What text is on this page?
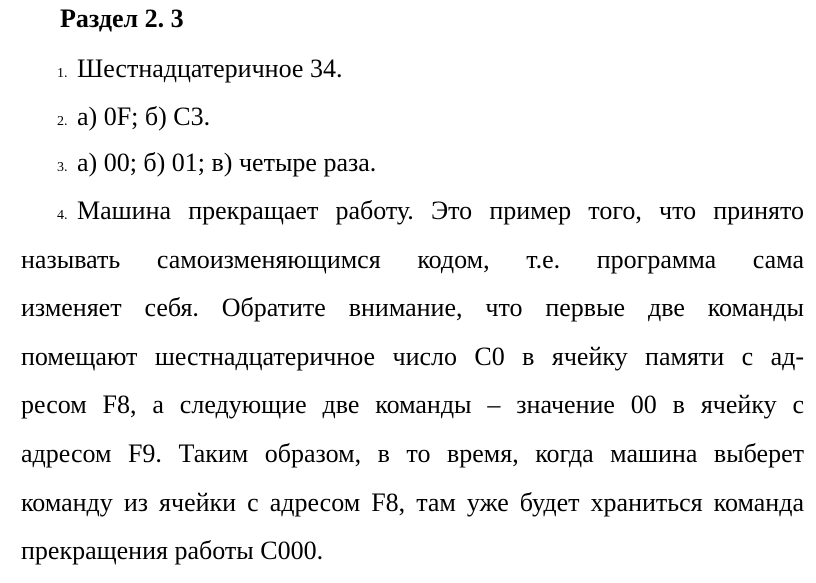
Раздел 2. 3
1. Шестнадцатеричное 34.
2. а) 0F; б) С3.
3. а) 00; б) 01; в) четыре раза.
4. Машина прекращает работу. Это пример того, что принято
называть самоизменяющимся кодом, т.е. программа сама
изменяет себя. Обратите внимание, что первые две команды
помещают шестнадцатеричное число С0 в ячейку памяти с ад-
ресом F8, а следующие две команды – значение 00 в ячейку с
адресом F9. Таким образом, в то время, когда машина выберет
команду из ячейки с адресом F8, там уже будет храниться команда
прекращения работы С000.
